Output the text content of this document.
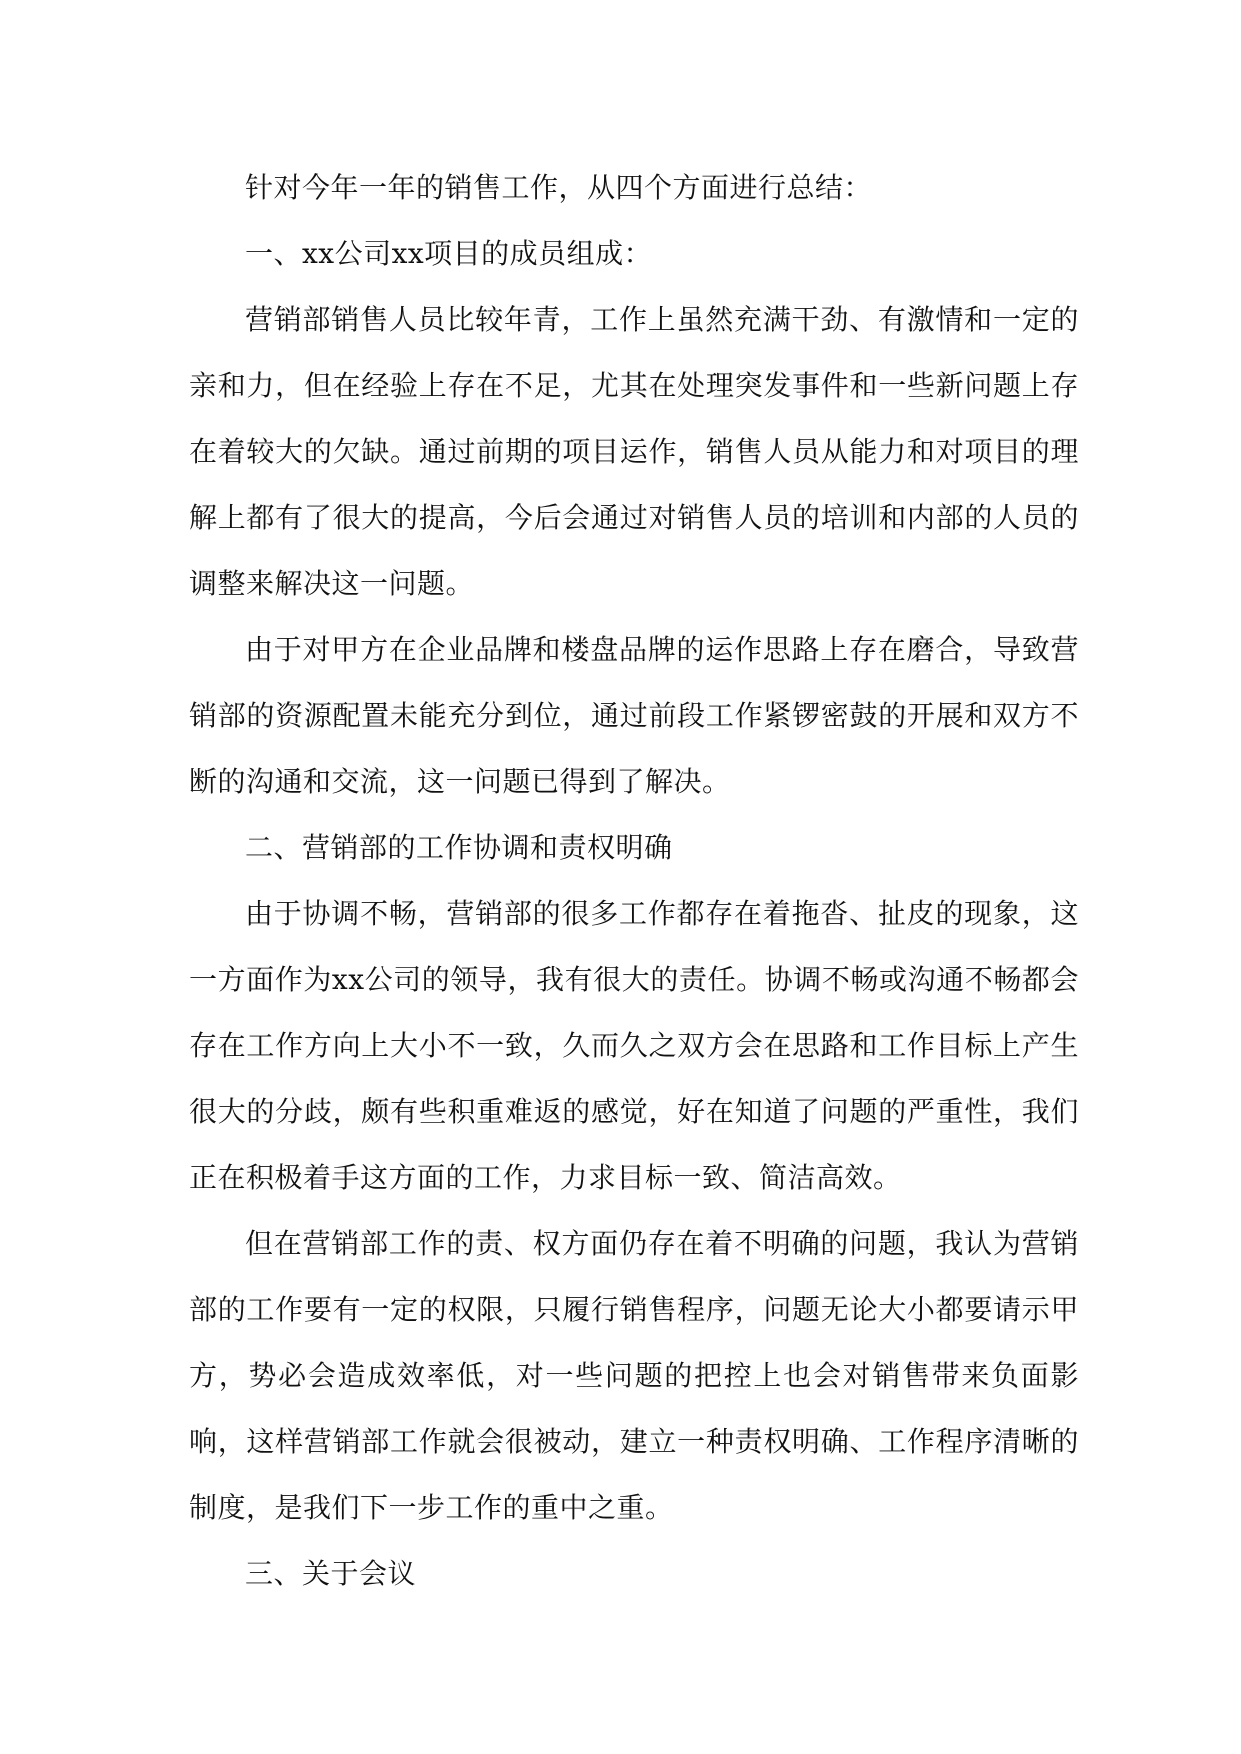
针对今年一年的销售工作，从四个方面进行总结：

一、xx公司xx项目的成员组成：

营销部销售人员比较年青，工作上虽然充满干劲、有激情和一定的亲和力，但在经验上存在不足，尤其在处理突发事件和一些新问题上存在着较大的欠缺。通过前期的项目运作，销售人员从能力和对项目的理解上都有了很大的提高，今后会通过对销售人员的培训和内部的人员的调整来解决这一问题。

由于对甲方在企业品牌和楼盘品牌的运作思路上存在磨合，导致营销部的资源配置未能充分到位，通过前段工作紧锣密鼓的开展和双方不断的沟通和交流，这一问题已得到了解决。

二、营销部的工作协调和责权明确

由于协调不畅，营销部的很多工作都存在着拖沓、扯皮的现象，这一方面作为xx公司的领导，我有很大的责任。协调不畅或沟通不畅都会存在工作方向上大小不一致，久而久之双方会在思路和工作目标上产生很大的分歧，颇有些积重难返的感觉，好在知道了问题的严重性，我们正在积极着手这方面的工作，力求目标一致、简洁高效。

但在营销部工作的责、权方面仍存在着不明确的问题，我认为营销部的工作要有一定的权限，只履行销售程序，问题无论大小都要请示甲方，势必会造成效率低，对一些问题的把控上也会对销售带来负面影响，这样营销部工作就会很被动，建立一种责权明确、工作程序清晰的制度，是我们下一步工作的重中之重。

三、关于会议
